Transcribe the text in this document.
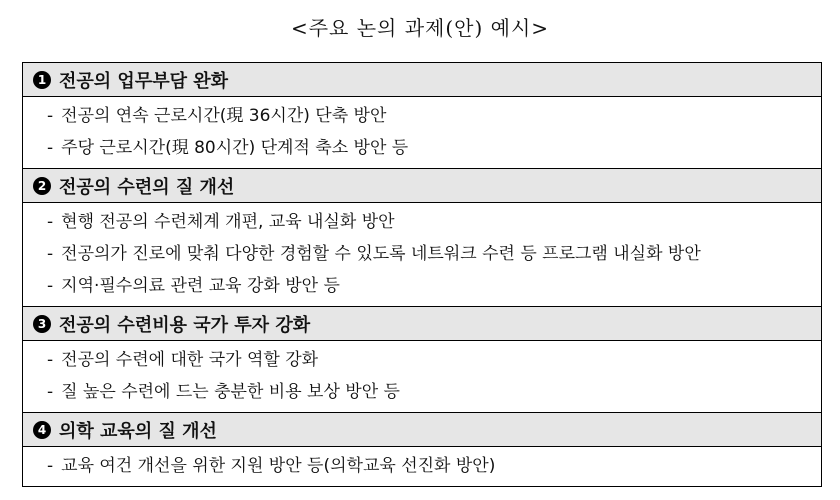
<주요 논의 과제(안) 예시>
1 전공의 업무부담 완화
- 전공의 연속 근로시간(現 36시간) 단축 방안
- 주당 근로시간(現 80시간) 단계적 축소 방안 등
2 전공의 수련의 질 개선
- 현행 전공의 수련체계 개편, 교육 내실화 방안
- 전공의가 진로에 맞춰 다양한 경험할 수 있도록 네트워크 수련 등 프로그램 내실화 방안
- 지역·필수의료 관련 교육 강화 방안 등
3 전공의 수련비용 국가 투자 강화
- 전공의 수련에 대한 국가 역할 강화
- 질 높은 수련에 드는 충분한 비용 보상 방안 등
4 의학 교육의 질 개선
- 교육 여건 개선을 위한 지원 방안 등(의학교육 선진화 방안)
